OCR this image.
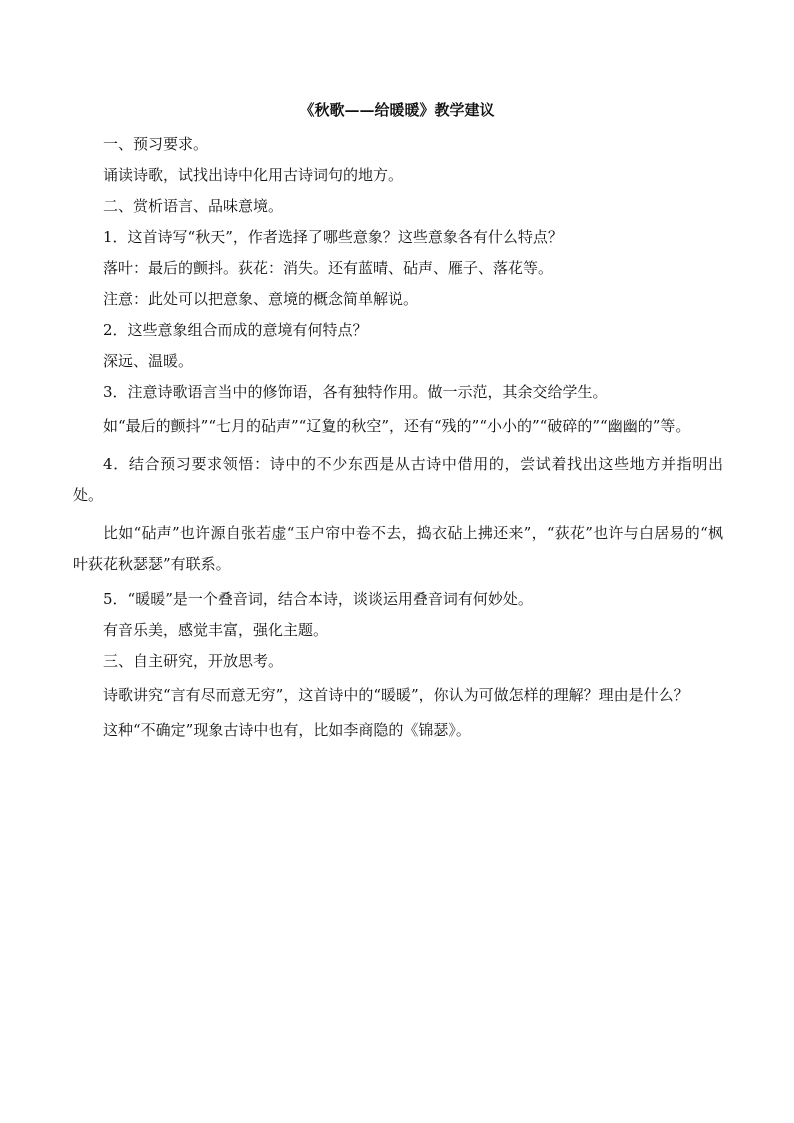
《秋歌——给暖暖》教学建议

一、预习要求。

诵读诗歌，试找出诗中化用古诗词句的地方。

二、赏析语言、品味意境。

1．这首诗写“秋天”，作者选择了哪些意象？这些意象各有什么特点？

落叶：最后的颤抖。荻花：消失。还有蓝晴、砧声、雁子、落花等。

注意：此处可以把意象、意境的概念简单解说。

2．这些意象组合而成的意境有何特点？

深远、温暖。

3．注意诗歌语言当中的修饰语，各有独特作用。做一示范，其余交给学生。

如“最后的颤抖”“七月的砧声”“辽夐的秋空”，还有“残的”“小小的”“破碎的”“幽幽的”等。

4．结合预习要求领悟：诗中的不少东西是从古诗中借用的，尝试着找出这些地方并指明出处。

比如“砧声”也许源自张若虚“玉户帘中卷不去，捣衣砧上拂还来”，“荻花”也许与白居易的“枫叶荻花秋瑟瑟”有联系。

5．“暖暖”是一个叠音词，结合本诗，谈谈运用叠音词有何妙处。

有音乐美，感觉丰富，强化主题。

三、自主研究，开放思考。

诗歌讲究“言有尽而意无穷”，这首诗中的“暖暖”，你认为可做怎样的理解？理由是什么？

这种“不确定”现象古诗中也有，比如李商隐的《锦瑟》。
